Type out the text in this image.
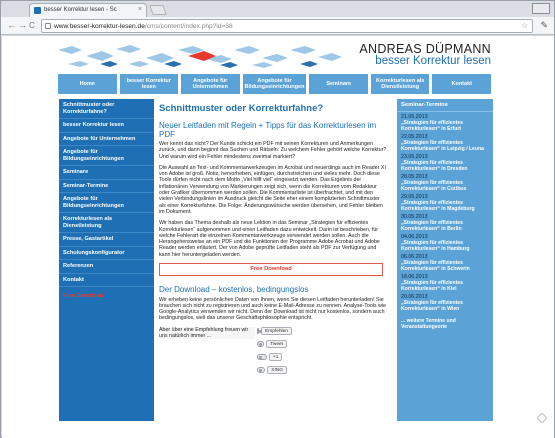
besser Korrektur lesen - Sc	×
← → C	www.besser-korrektur-lesen.de/cms/content/index.php?id=38	☆ ✎
ANDREAS DÜPMANN
besser Korrektur lesen
Home	besser Korrektur lesen
Angebote für Unternehmen
Angebote für Bildungseinrichtungen	Seminare	Korrekturlesen als Dienstleistung	Kontakt
Schnittmuster oder Korrekturfahne?
besser Korrektur lesen
Angebote für Unternehmen
Angebote für Bildungseinrichtungen
Seminare
Seminar-Termine
Angebote für Bildungseinrichtungen
Korrekturlesen als Dienstleistung
Presse, Gastartikel
Schulungskonfigurator
Referenzen
Kontakt
Free Download
Schnittmuster oder Korrekturfahne?
Neuer Leitfaden mit Regeln + Tipps für das Korrekturlesen im PDF

Wer kennt das nicht? Der Kunde schickt ein PDF mit seinen Korrekturen und Anmerkungen zurück, und dann beginnt das Suchen und Rätseln: Zu welchem Fehler gehört welche Korrektur? Und warum wird ein Fehler mindestens zweimal markiert?

Die Auswahl an Text- und Kommentarwerkzeugen im Acrobat und neuerdings auch im Reader XI von Adobe ist groß. Notiz, hervorheben, einfügen, durchstreichen und vieles mehr. Doch diese Tools dürfen nicht nach dem Motto „Viel hilft viel“ eingesetzt werden. Das Ergebnis der inflationären Verwendung von Markierungen zeigt sich, wenn die Korrekturen vom Redakteur oder Grafiker übernommen werden sollen. Die Kommentarliste ist überfrachtet, und mit den vielen Verbindungslinien im Ausdruck gleicht die Seite eher einem komplizierten Schnittmuster als einer Korrekturfahne. Die Folge: Änderungswünsche werden übersehen, und Fehler bleiben im Dokument.

Wir haben das Thema deshalb als neue Lektion in das Seminar „Strategien für effizientes Korrekturlesen“ aufgenommen und einen Leitfaden dazu entwickelt. Darin ist beschrieben, für welche Fehlerart die einzelnen Kommentarwerkzeuge verwendet werden sollen. Auch die Herangehensweise an ein PDF und die Funktionen der Programme Adobe Acrobat und Adobe Reader werden erläutert. Der von Adobe geprüfte Leitfaden steht als PDF zur Verfügung und kann hier heruntergeladen werden.

Free Download
Der Download – kostenlos, bedingungslos

Wir erheben keine persönlichen Daten von Ihnen, wenn Sie diesen Leitfaden herunterladen! Sie brauchen sich nicht zu registrieren und auch keine E-Mail-Adresse zu nennen. Analyse-Tools wie Google-Analytics verwenden wir nicht. Denn der Download ist nicht nur kostenlos, sondern auch bedingungslos, weil das unserer Geschäftsphilosophie entspricht.

Aber über eine Empfehlung freuen wir uns natürlich immer ...
Empfehlen
Tweet
+1
XING
Seminar-Termine
21.05.2013
„Strategien für effizientes Korrekturlesen“ in Erfurt
22.05.2013
„Strategien für effizientes Korrekturlesen“ in Leipzig / Leuna
23.05.2013
„Strategien für effizientes Korrekturlesen“ in Dresden
28.05.2013
„Strategien für effizientes Korrekturlesen“ in Cottbus
29.05.2013
„Strategien für effizientes Korrekturlesen“ in Magdeburg
30.05.2013
„Strategien für effizientes Korrekturlesen“ in Berlin
04.06.2013
„Strategien für effizientes Korrekturlesen“ in Hamburg
06.06.2013
„Strategien für effizientes Korrekturlesen“ in Schwerin
18.06.2013
„Strategien für effizientes Korrekturlesen“ in Kiel
20.06.2013
„Strategien für effizientes Korrekturlesen“ in Wien
... weitere Termine und Veranstaltungsorte
